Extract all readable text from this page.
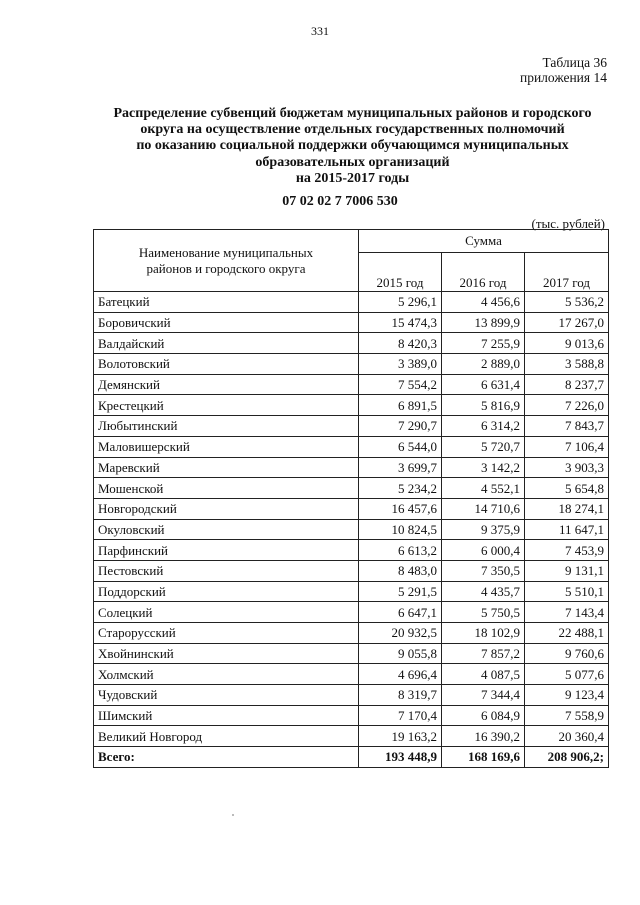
331
Таблица 36
приложения 14
Распределение субвенций бюджетам муниципальных районов и городского
округа на осуществление отдельных государственных полномочий
по оказанию социальной поддержки обучающимся муниципальных
образовательных организаций
на 2015-2017 годы
07 02 02 7 7006 530
(тыс. рублей)
Наименование муниципальных
районов и городского округа	Сумма		
	2015 год	2016 год	2017 год
Батецкий	5 296,1	4 456,6	5 536,2
Боровичский	15 474,3	13 899,9	17 267,0
Валдайский	8 420,3	7 255,9	9 013,6
Волотовский	3 389,0	2 889,0	3 588,8
Демянский	7 554,2	6 631,4	8 237,7
Крестецкий	6 891,5	5 816,9	7 226,0
Любытинский	7 290,7	6 314,2	7 843,7
Маловишерский	6 544,0	5 720,7	7 106,4
Маревский	3 699,7	3 142,2	3 903,3
Мошенской	5 234,2	4 552,1	5 654,8
Новгородский	16 457,6	14 710,6	18 274,1
Окуловский	10 824,5	9 375,9	11 647,1
Парфинский	6 613,2	6 000,4	7 453,9
Пестовский	8 483,0	7 350,5	9 131,1
Поддорский	5 291,5	4 435,7	5 510,1
Солецкий	6 647,1	5 750,5	7 143,4
Старорусский	20 932,5	18 102,9	22 488,1
Хвойнинский	9 055,8	7 857,2	9 760,6
Холмский	4 696,4	4 087,5	5 077,6
Чудовский	8 319,7	7 344,4	9 123,4
Шимский	7 170,4	6 084,9	7 558,9
Великий Новгород	19 163,2	16 390,2	20 360,4
Всего:	193 448,9	168 169,6	208 906,2;
